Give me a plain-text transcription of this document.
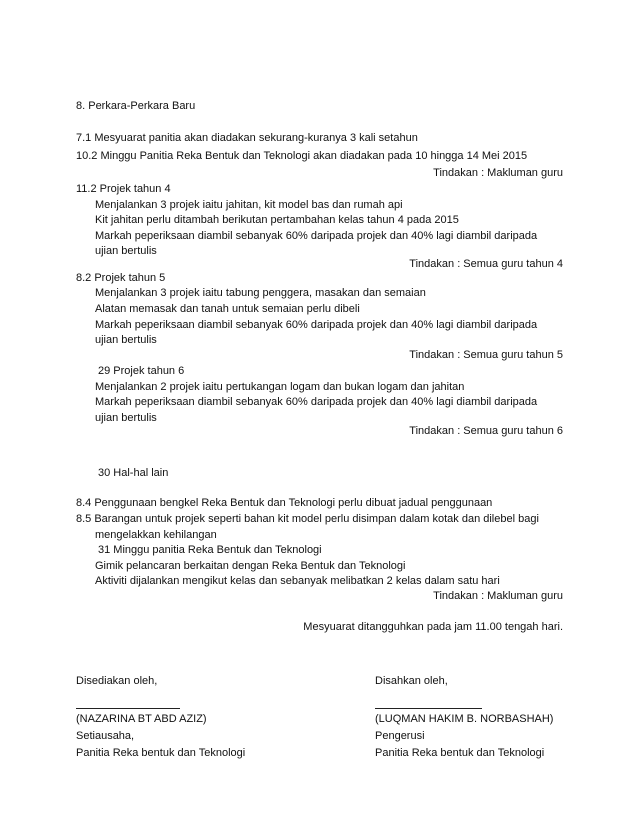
8. Perkara-Perkara Baru
7.1 Mesyuarat panitia akan diadakan sekurang-kuranya 3 kali setahun
10.2 Minggu Panitia Reka Bentuk dan Teknologi akan diadakan pada 10 hingga 14 Mei 2015
Tindakan : Makluman guru
11.2 Projek tahun 4
Menjalankan 3 projek iaitu jahitan, kit model bas dan rumah api
Kit jahitan perlu ditambah berikutan pertambahan kelas tahun 4 pada 2015
Markah peperiksaan diambil sebanyak 60% daripada projek dan 40% lagi diambil daripada
ujian bertulis
Tindakan : Semua guru tahun 4
8.2 Projek tahun 5
Menjalankan 3 projek iaitu tabung penggera, masakan dan semaian
Alatan memasak dan tanah untuk semaian perlu dibeli
Markah peperiksaan diambil sebanyak 60% daripada projek dan 40% lagi diambil daripada
ujian bertulis
Tindakan : Semua guru tahun 5
29 Projek tahun 6
Menjalankan 2 projek iaitu pertukangan logam dan bukan logam dan jahitan
Markah peperiksaan diambil sebanyak 60% daripada projek dan 40% lagi diambil daripada
ujian bertulis
Tindakan : Semua guru tahun 6
30 Hal-hal lain
8.4 Penggunaan bengkel Reka Bentuk dan Teknologi perlu dibuat jadual penggunaan
8.5 Barangan untuk projek seperti bahan kit model perlu disimpan dalam kotak dan dilebel bagi
mengelakkan kehilangan
31 Minggu panitia Reka Bentuk dan Teknologi
Gimik pelancaran berkaitan dengan Reka Bentuk dan Teknologi
Aktiviti dijalankan mengikut kelas dan sebanyak melibatkan 2 kelas dalam satu hari
Tindakan : Makluman guru
Mesyuarat ditangguhkan pada jam 11.00 tengah hari.
Disediakan oleh,
(NAZARINA BT ABD AZIZ)
Setiausaha,
Panitia Reka bentuk dan Teknologi
Disahkan oleh,
(LUQMAN HAKIM B. NORBASHAH)
Pengerusi
Panitia Reka bentuk dan Teknologi
